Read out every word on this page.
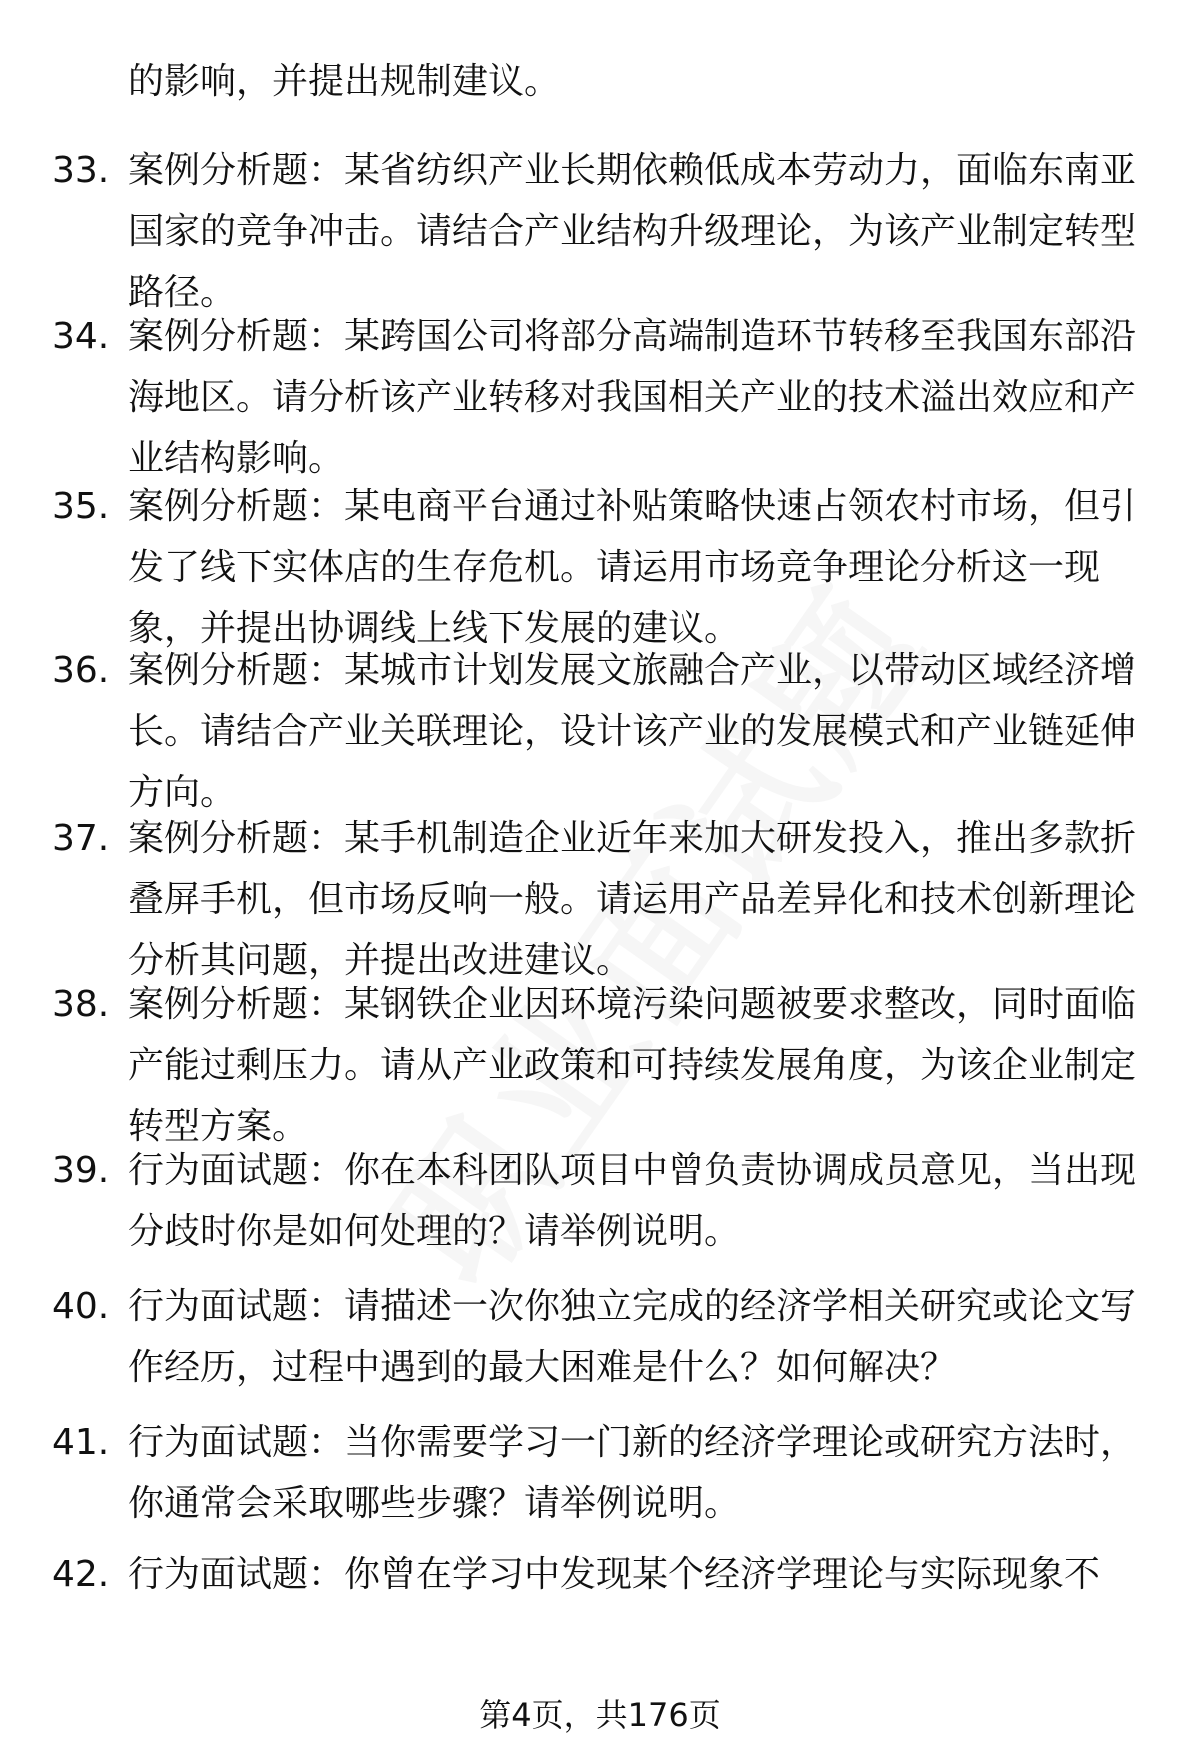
的影响，并提出规制建议。
33. 案例分析题：某省纺织产业长期依赖低成本劳动力，面临东南亚国家的竞争冲击。请结合产业结构升级理论，为该产业制定转型路径。
34. 案例分析题：某跨国公司将部分高端制造环节转移至我国东部沿海地区。请分析该产业转移对我国相关产业的技术溢出效应和产业结构影响。
35. 案例分析题：某电商平台通过补贴策略快速占领农村市场，但引发了线下实体店的生存危机。请运用市场竞争理论分析这一现象，并提出协调线上线下发展的建议。
36. 案例分析题：某城市计划发展文旅融合产业，以带动区域经济增长。请结合产业关联理论，设计该产业的发展模式和产业链延伸方向。
37. 案例分析题：某手机制造企业近年来加大研发投入，推出多款折叠屏手机，但市场反响一般。请运用产品差异化和技术创新理论分析其问题，并提出改进建议。
38. 案例分析题：某钢铁企业因环境污染问题被要求整改，同时面临产能过剩压力。请从产业政策和可持续发展角度，为该企业制定转型方案。
39. 行为面试题：你在本科团队项目中曾负责协调成员意见，当出现分歧时你是如何处理的？请举例说明。
40. 行为面试题：请描述一次你独立完成的经济学相关研究或论文写作经历，过程中遇到的最大困难是什么？如何解决？
41. 行为面试题：当你需要学习一门新的经济学理论或研究方法时，你通常会采取哪些步骤？请举例说明。
42. 行为面试题：你曾在学习中发现某个经济学理论与实际现象不
第4页，共176页
